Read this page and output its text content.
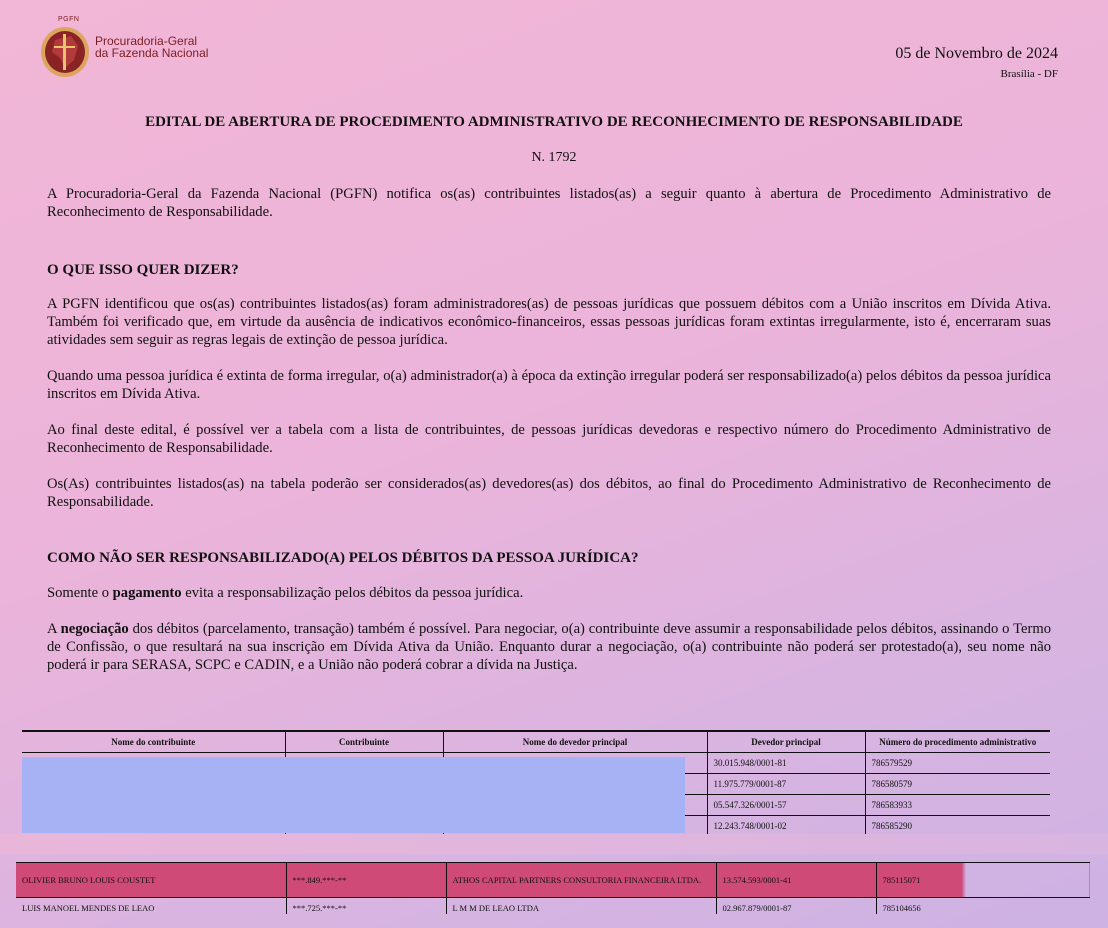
PGFN
Procuradoria-Geral
da Fazenda Nacional	05 de Novembro de 2024
Brasília - DF
EDITAL DE ABERTURA DE PROCEDIMENTO ADMINISTRATIVO DE RECONHECIMENTO DE RESPONSABILIDADE
N. 1792
A Procuradoria-Geral da Fazenda Nacional (PGFN) notifica os(as) contribuintes listados(as) a seguir quanto à abertura de Procedimento Administrativo de Reconhecimento de Responsabilidade.
O QUE ISSO QUER DIZER?
A PGFN identificou que os(as) contribuintes listados(as) foram administradores(as) de pessoas jurídicas que possuem débitos com a União inscritos em Dívida Ativa. Também foi verificado que, em virtude da ausência de indicativos econômico-financeiros, essas pessoas jurídicas foram extintas irregularmente, isto é, encerraram suas atividades sem seguir as regras legais de extinção de pessoa jurídica.
Quando uma pessoa jurídica é extinta de forma irregular, o(a) administrador(a) à época da extinção irregular poderá ser responsabilizado(a) pelos débitos da pessoa jurídica inscritos em Dívida Ativa.
Ao final deste edital, é possível ver a tabela com a lista de contribuintes, de pessoas jurídicas devedoras e respectivo número do Procedimento Administrativo de Reconhecimento de Responsabilidade.
Os(As) contribuintes listados(as) na tabela poderão ser considerados(as) devedores(as) dos débitos, ao final do Procedimento Administrativo de Reconhecimento de Responsabilidade.
COMO NÃO SER RESPONSABILIZADO(A) PELOS DÉBITOS DA PESSOA JURÍDICA?
Somente o pagamento evita a responsabilização pelos débitos da pessoa jurídica.
A negociação dos débitos (parcelamento, transação) também é possível. Para negociar, o(a) contribuinte deve assumir a responsabilidade pelos débitos, assinando o Termo de Confissão, o que resultará na sua inscrição em Dívida Ativa da União. Enquanto durar a negociação, o(a) contribuinte não poderá ser protestado(a), seu nome não poderá ir para SERASA, SCPC e CADIN, e a União não poderá cobrar a dívida na Justiça.
Nome do contribuinte	Contribuinte	Nome do devedor principal	Devedor principal	Número do procedimento administrativo
			30.015.948/0001-81	786579529
			11.975.779/0001-87	786580579
			05.547.326/0001-57	786583933
			12.243.748/0001-02	786585290
OLIVIER BRUNO LOUIS COUSTET	***.849.***-**	ATHOS CAPITAL PARTNERS CONSULTORIA FINANCEIRA LTDA.	13.574.593/0001-41	785115071

LUIS MANOEL MENDES DE LEAO	***.725.***-**	L M M DE LEAO LTDA	02.967.879/0001-87	785104656
